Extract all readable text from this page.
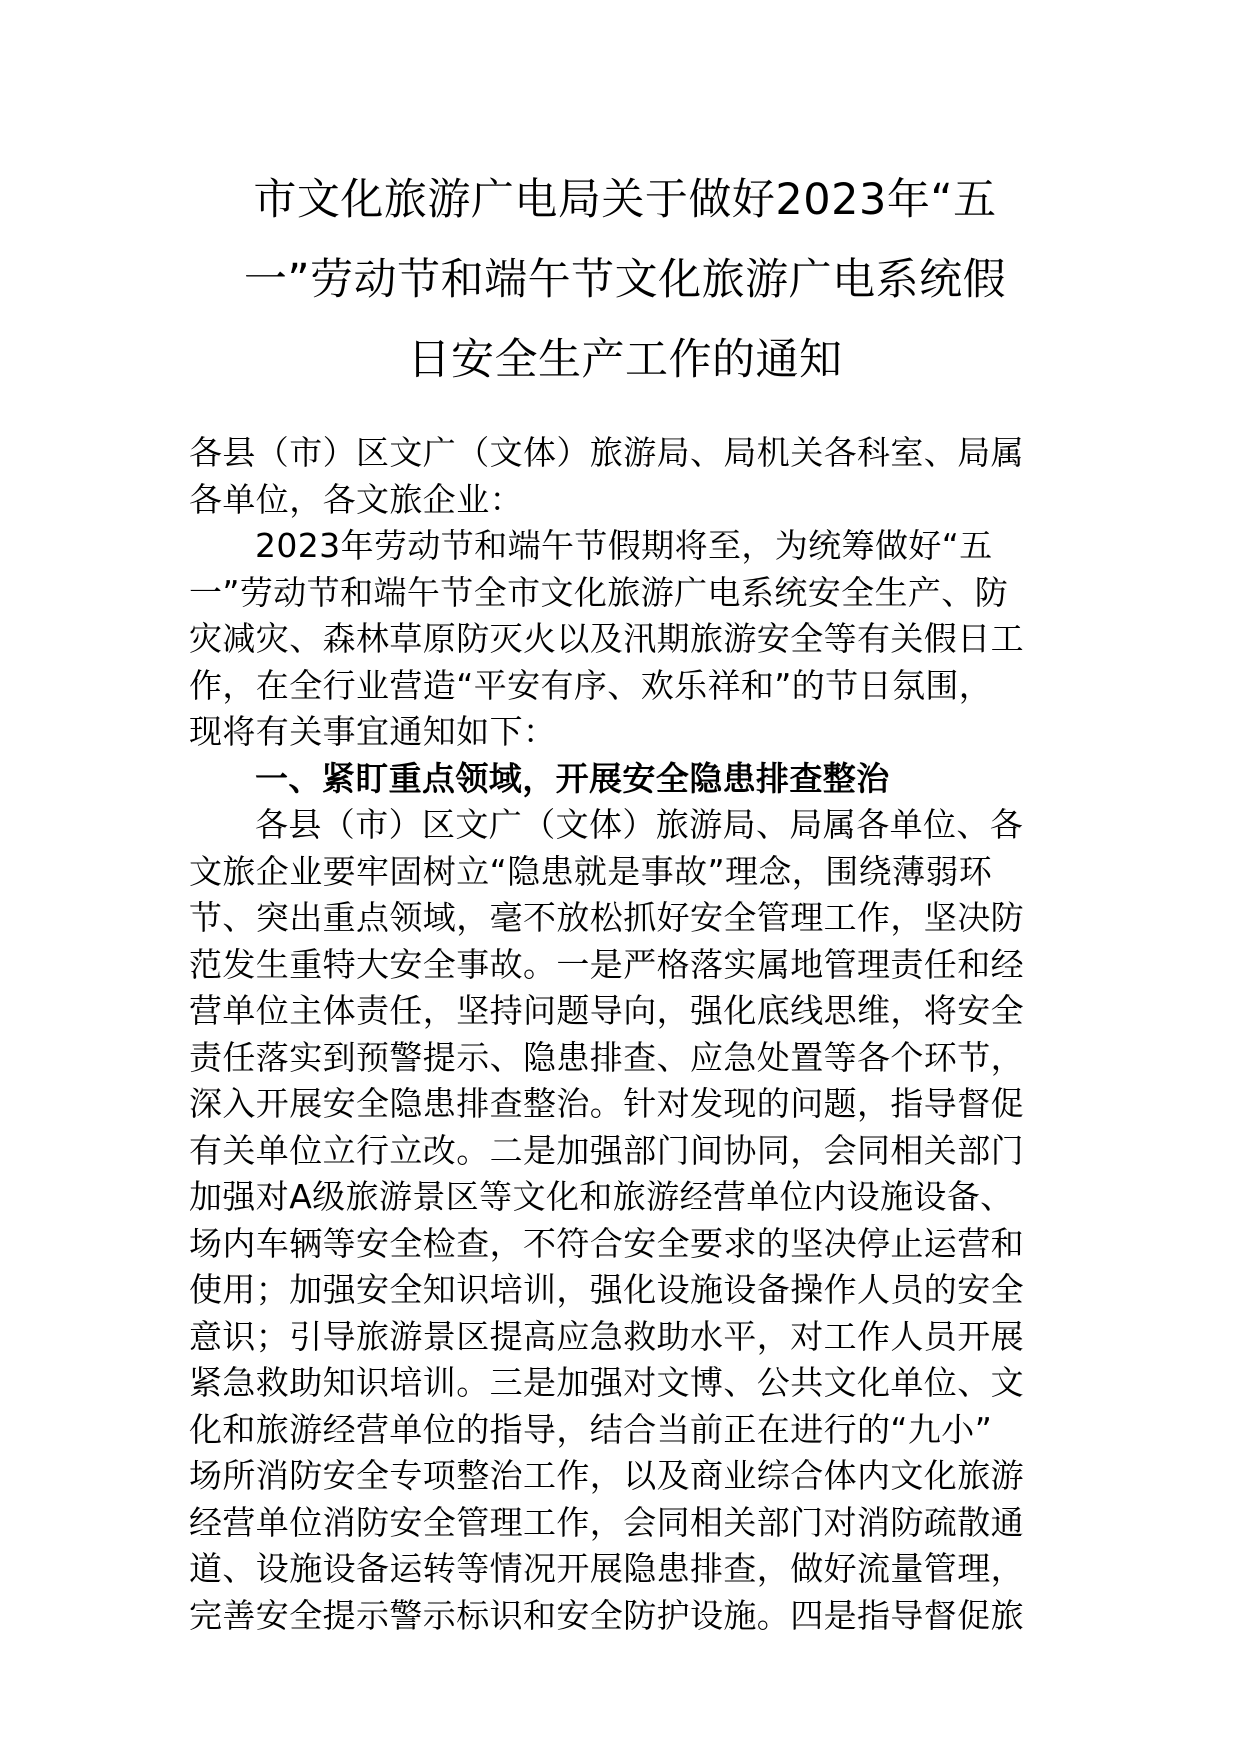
市文化旅游广电局关于做好2023年“五
一”劳动节和端午节文化旅游广电系统假
日安全生产工作的通知
各县（市）区文广（文体）旅游局、局机关各科室、局属
各单位，各文旅企业：
2023年劳动节和端午节假期将至，为统筹做好“五
一”劳动节和端午节全市文化旅游广电系统安全生产、防
灾减灾、森林草原防灭火以及汛期旅游安全等有关假日工
作，在全行业营造“平安有序、欢乐祥和”的节日氛围，
现将有关事宜通知如下：
一、紧盯重点领域，开展安全隐患排查整治
各县（市）区文广（文体）旅游局、局属各单位、各
文旅企业要牢固树立“隐患就是事故”理念，围绕薄弱环
节、突出重点领域，毫不放松抓好安全管理工作，坚决防
范发生重特大安全事故。一是严格落实属地管理责任和经
营单位主体责任，坚持问题导向，强化底线思维，将安全
责任落实到预警提示、隐患排查、应急处置等各个环节，
深入开展安全隐患排查整治。针对发现的问题，指导督促
有关单位立行立改。二是加强部门间协同，会同相关部门
加强对A级旅游景区等文化和旅游经营单位内设施设备、
场内车辆等安全检查，不符合安全要求的坚决停止运营和
使用；加强安全知识培训，强化设施设备操作人员的安全
意识；引导旅游景区提高应急救助水平，对工作人员开展
紧急救助知识培训。三是加强对文博、公共文化单位、文
化和旅游经营单位的指导，结合当前正在进行的“九小”
场所消防安全专项整治工作，以及商业综合体内文化旅游
经营单位消防安全管理工作，会同相关部门对消防疏散通
道、设施设备运转等情况开展隐患排查，做好流量管理，
完善安全提示警示标识和安全防护设施。四是指导督促旅
